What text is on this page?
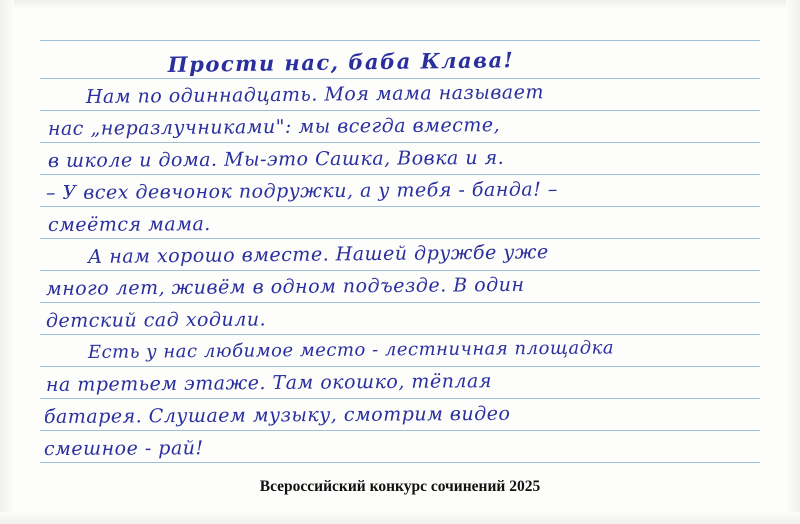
Прости нас, баба Клава!
Нам по одиннадцать. Моя мама называет
нас „неразлучниками": мы всегда вместе,
в школе и дома. Мы-это Сашка, Вовка и я.
– У всех девчонок подружки, а у тебя - банда! –
смеётся мама.
А нам хорошо вместе. Нашей дружбе уже
много лет, живём в одном подъезде. В один
детский сад ходили.
Есть у нас любимое место - лестничная площадка
на третьем этаже. Там окошко, тёплая
батарея. Слушаем музыку, смотрим видео
смешное - рай!
Всероссийский конкурс сочинений 2025
